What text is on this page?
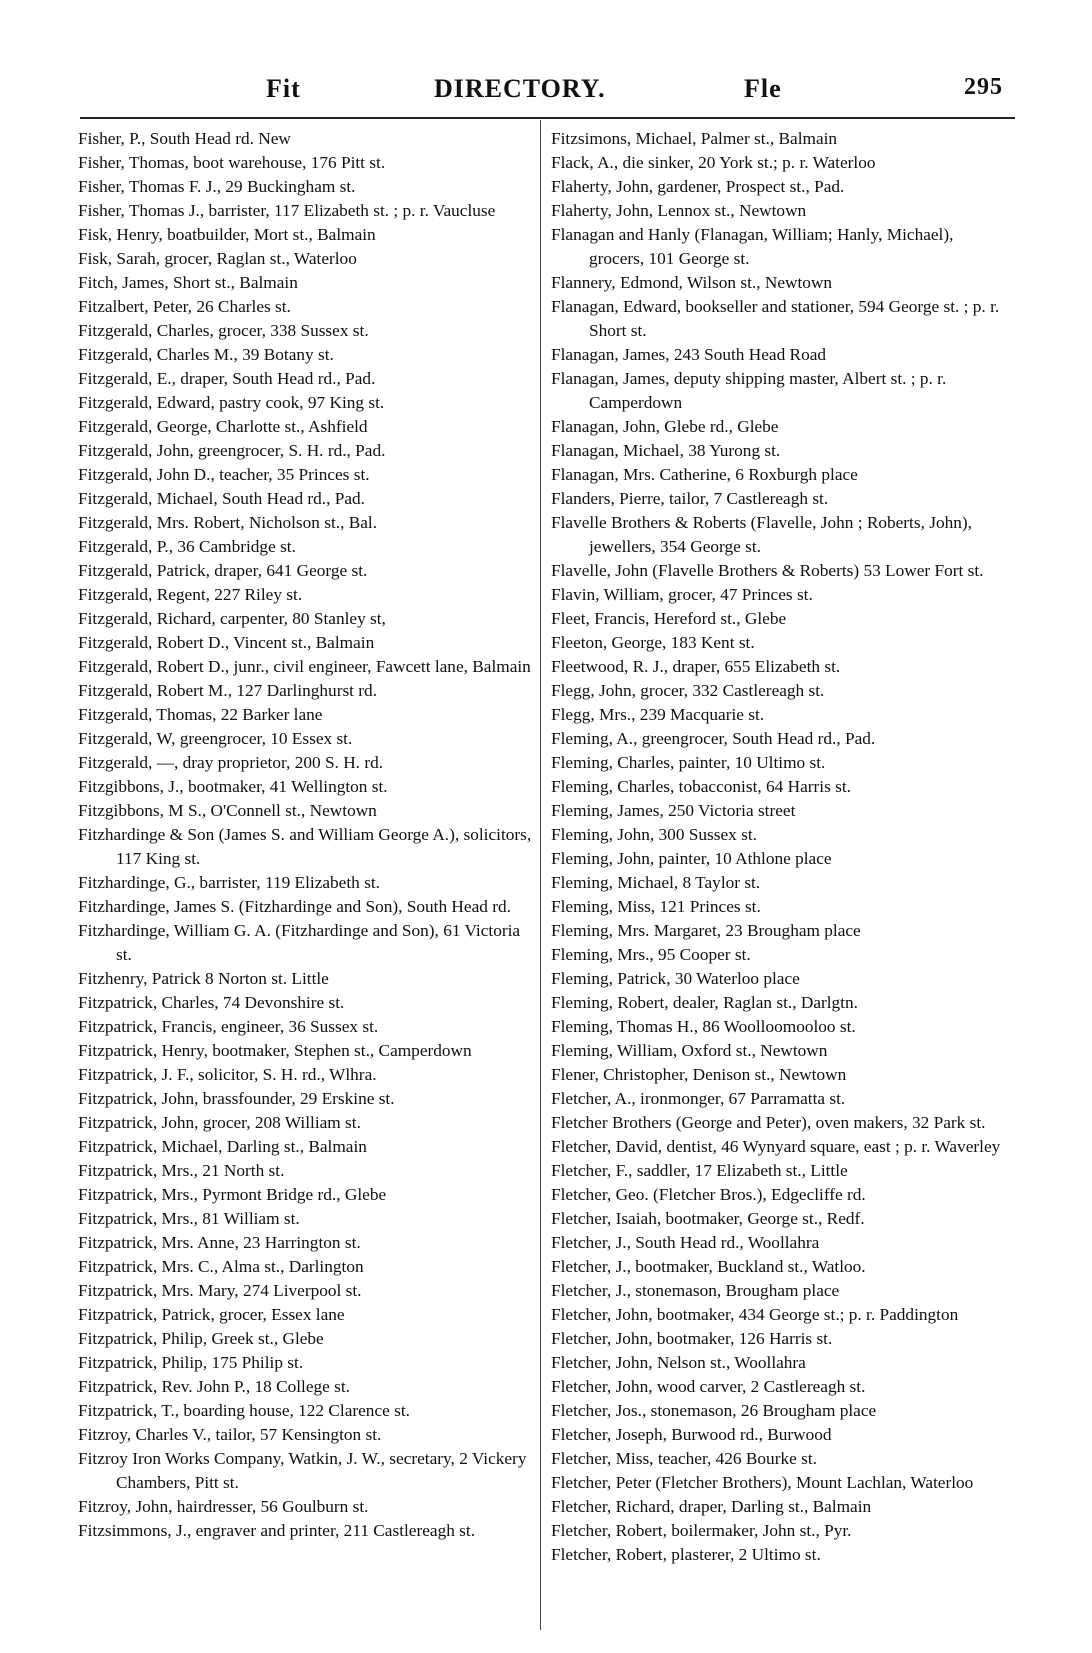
Fit	DIRECTORY.	Fle	295
Fisher, P., South Head rd. New
Fisher, Thomas, boot warehouse, 176 Pitt st.
Fisher, Thomas F. J., 29 Buckingham st.
Fisher, Thomas J., barrister, 117 Elizabeth st. ; p. r. Vaucluse
Fisk, Henry, boatbuilder, Mort st., Balmain
Fisk, Sarah, grocer, Raglan st., Waterloo
Fitch, James, Short st., Balmain
Fitzalbert, Peter, 26 Charles st.
Fitzgerald, Charles, grocer, 338 Sussex st.
Fitzgerald, Charles M., 39 Botany st.
Fitzgerald, E., draper, South Head rd., Pad.
Fitzgerald, Edward, pastry cook, 97 King st.
Fitzgerald, George, Charlotte st., Ashfield
Fitzgerald, John, greengrocer, S. H. rd., Pad.
Fitzgerald, John D., teacher, 35 Princes st.
Fitzgerald, Michael, South Head rd., Pad.
Fitzgerald, Mrs. Robert, Nicholson st., Bal.
Fitzgerald, P., 36 Cambridge st.
Fitzgerald, Patrick, draper, 641 George st.
Fitzgerald, Regent, 227 Riley st.
Fitzgerald, Richard, carpenter, 80 Stanley st,
Fitzgerald, Robert D., Vincent st., Balmain
Fitzgerald, Robert D., junr., civil engineer, Fawcett lane, Balmain
Fitzgerald, Robert M., 127 Darlinghurst rd.
Fitzgerald, Thomas, 22 Barker lane
Fitzgerald, W, greengrocer, 10 Essex st.
Fitzgerald, —, dray proprietor, 200 S. H. rd.
Fitzgibbons, J., bootmaker, 41 Wellington st.
Fitzgibbons, M S., O'Connell st., Newtown
Fitzhardinge & Son (James S. and William George A.), solicitors, 117 King st.
Fitzhardinge, G., barrister, 119 Elizabeth st.
Fitzhardinge, James S. (Fitzhardinge and Son), South Head rd.
Fitzhardinge, William G. A. (Fitzhardinge and Son), 61 Victoria st.
Fitzhenry, Patrick 8 Norton st. Little
Fitzpatrick, Charles, 74 Devonshire st.
Fitzpatrick, Francis, engineer, 36 Sussex st.
Fitzpatrick, Henry, bootmaker, Stephen st., Camperdown
Fitzpatrick, J. F., solicitor, S. H. rd., Wlhra.
Fitzpatrick, John, brassfounder, 29 Erskine st.
Fitzpatrick, John, grocer, 208 William st.
Fitzpatrick, Michael, Darling st., Balmain
Fitzpatrick, Mrs., 21 North st.
Fitzpatrick, Mrs., Pyrmont Bridge rd., Glebe
Fitzpatrick, Mrs., 81 William st.
Fitzpatrick, Mrs. Anne, 23 Harrington st.
Fitzpatrick, Mrs. C., Alma st., Darlington
Fitzpatrick, Mrs. Mary, 274 Liverpool st.
Fitzpatrick, Patrick, grocer, Essex lane
Fitzpatrick, Philip, Greek st., Glebe
Fitzpatrick, Philip, 175 Philip st.
Fitzpatrick, Rev. John P., 18 College st.
Fitzpatrick, T., boarding house, 122 Clarence st.
Fitzroy, Charles V., tailor, 57 Kensington st.
Fitzroy Iron Works Company, Watkin, J. W., secretary, 2 Vickery Chambers, Pitt st.
Fitzroy, John, hairdresser, 56 Goulburn st.
Fitzsimmons, J., engraver and printer, 211 Castlereagh st.
Fitzsimons, Michael, Palmer st., Balmain
Flack, A., die sinker, 20 York st.; p. r. Waterloo
Flaherty, John, gardener, Prospect st., Pad.
Flaherty, John, Lennox st., Newtown
Flanagan and Hanly (Flanagan, William; Hanly, Michael), grocers, 101 George st.
Flannery, Edmond, Wilson st., Newtown
Flanagan, Edward, bookseller and stationer, 594 George st. ; p. r. Short st.
Flanagan, James, 243 South Head Road
Flanagan, James, deputy shipping master, Albert st. ; p. r. Camperdown
Flanagan, John, Glebe rd., Glebe
Flanagan, Michael, 38 Yurong st.
Flanagan, Mrs. Catherine, 6 Roxburgh place
Flanders, Pierre, tailor, 7 Castlereagh st.
Flavelle Brothers & Roberts (Flavelle, John ; Roberts, John), jewellers, 354 George st.
Flavelle, John (Flavelle Brothers & Roberts) 53 Lower Fort st.
Flavin, William, grocer, 47 Princes st.
Fleet, Francis, Hereford st., Glebe
Fleeton, George, 183 Kent st.
Fleetwood, R. J., draper, 655 Elizabeth st.
Flegg, John, grocer, 332 Castlereagh st.
Flegg, Mrs., 239 Macquarie st.
Fleming, A., greengrocer, South Head rd., Pad.
Fleming, Charles, painter, 10 Ultimo st.
Fleming, Charles, tobacconist, 64 Harris st.
Fleming, James, 250 Victoria street
Fleming, John, 300 Sussex st.
Fleming, John, painter, 10 Athlone place
Fleming, Michael, 8 Taylor st.
Fleming, Miss, 121 Princes st.
Fleming, Mrs. Margaret, 23 Brougham place
Fleming, Mrs., 95 Cooper st.
Fleming, Patrick, 30 Waterloo place
Fleming, Robert, dealer, Raglan st., Darlgtn.
Fleming, Thomas H., 86 Woolloomooloo st.
Fleming, William, Oxford st., Newtown
Flener, Christopher, Denison st., Newtown
Fletcher, A., ironmonger, 67 Parramatta st.
Fletcher Brothers (George and Peter), oven makers, 32 Park st.
Fletcher, David, dentist, 46 Wynyard square, east ; p. r. Waverley
Fletcher, F., saddler, 17 Elizabeth st., Little
Fletcher, Geo. (Fletcher Bros.), Edgecliffe rd.
Fletcher, Isaiah, bootmaker, George st., Redf.
Fletcher, J., South Head rd., Woollahra
Fletcher, J., bootmaker, Buckland st., Watloo.
Fletcher, J., stonemason, Brougham place
Fletcher, John, bootmaker, 434 George st.; p. r. Paddington
Fletcher, John, bootmaker, 126 Harris st.
Fletcher, John, Nelson st., Woollahra
Fletcher, John, wood carver, 2 Castlereagh st.
Fletcher, Jos., stonemason, 26 Brougham place
Fletcher, Joseph, Burwood rd., Burwood
Fletcher, Miss, teacher, 426 Bourke st.
Fletcher, Peter (Fletcher Brothers), Mount Lachlan, Waterloo
Fletcher, Richard, draper, Darling st., Balmain
Fletcher, Robert, boilermaker, John st., Pyr.
Fletcher, Robert, plasterer, 2 Ultimo st.
